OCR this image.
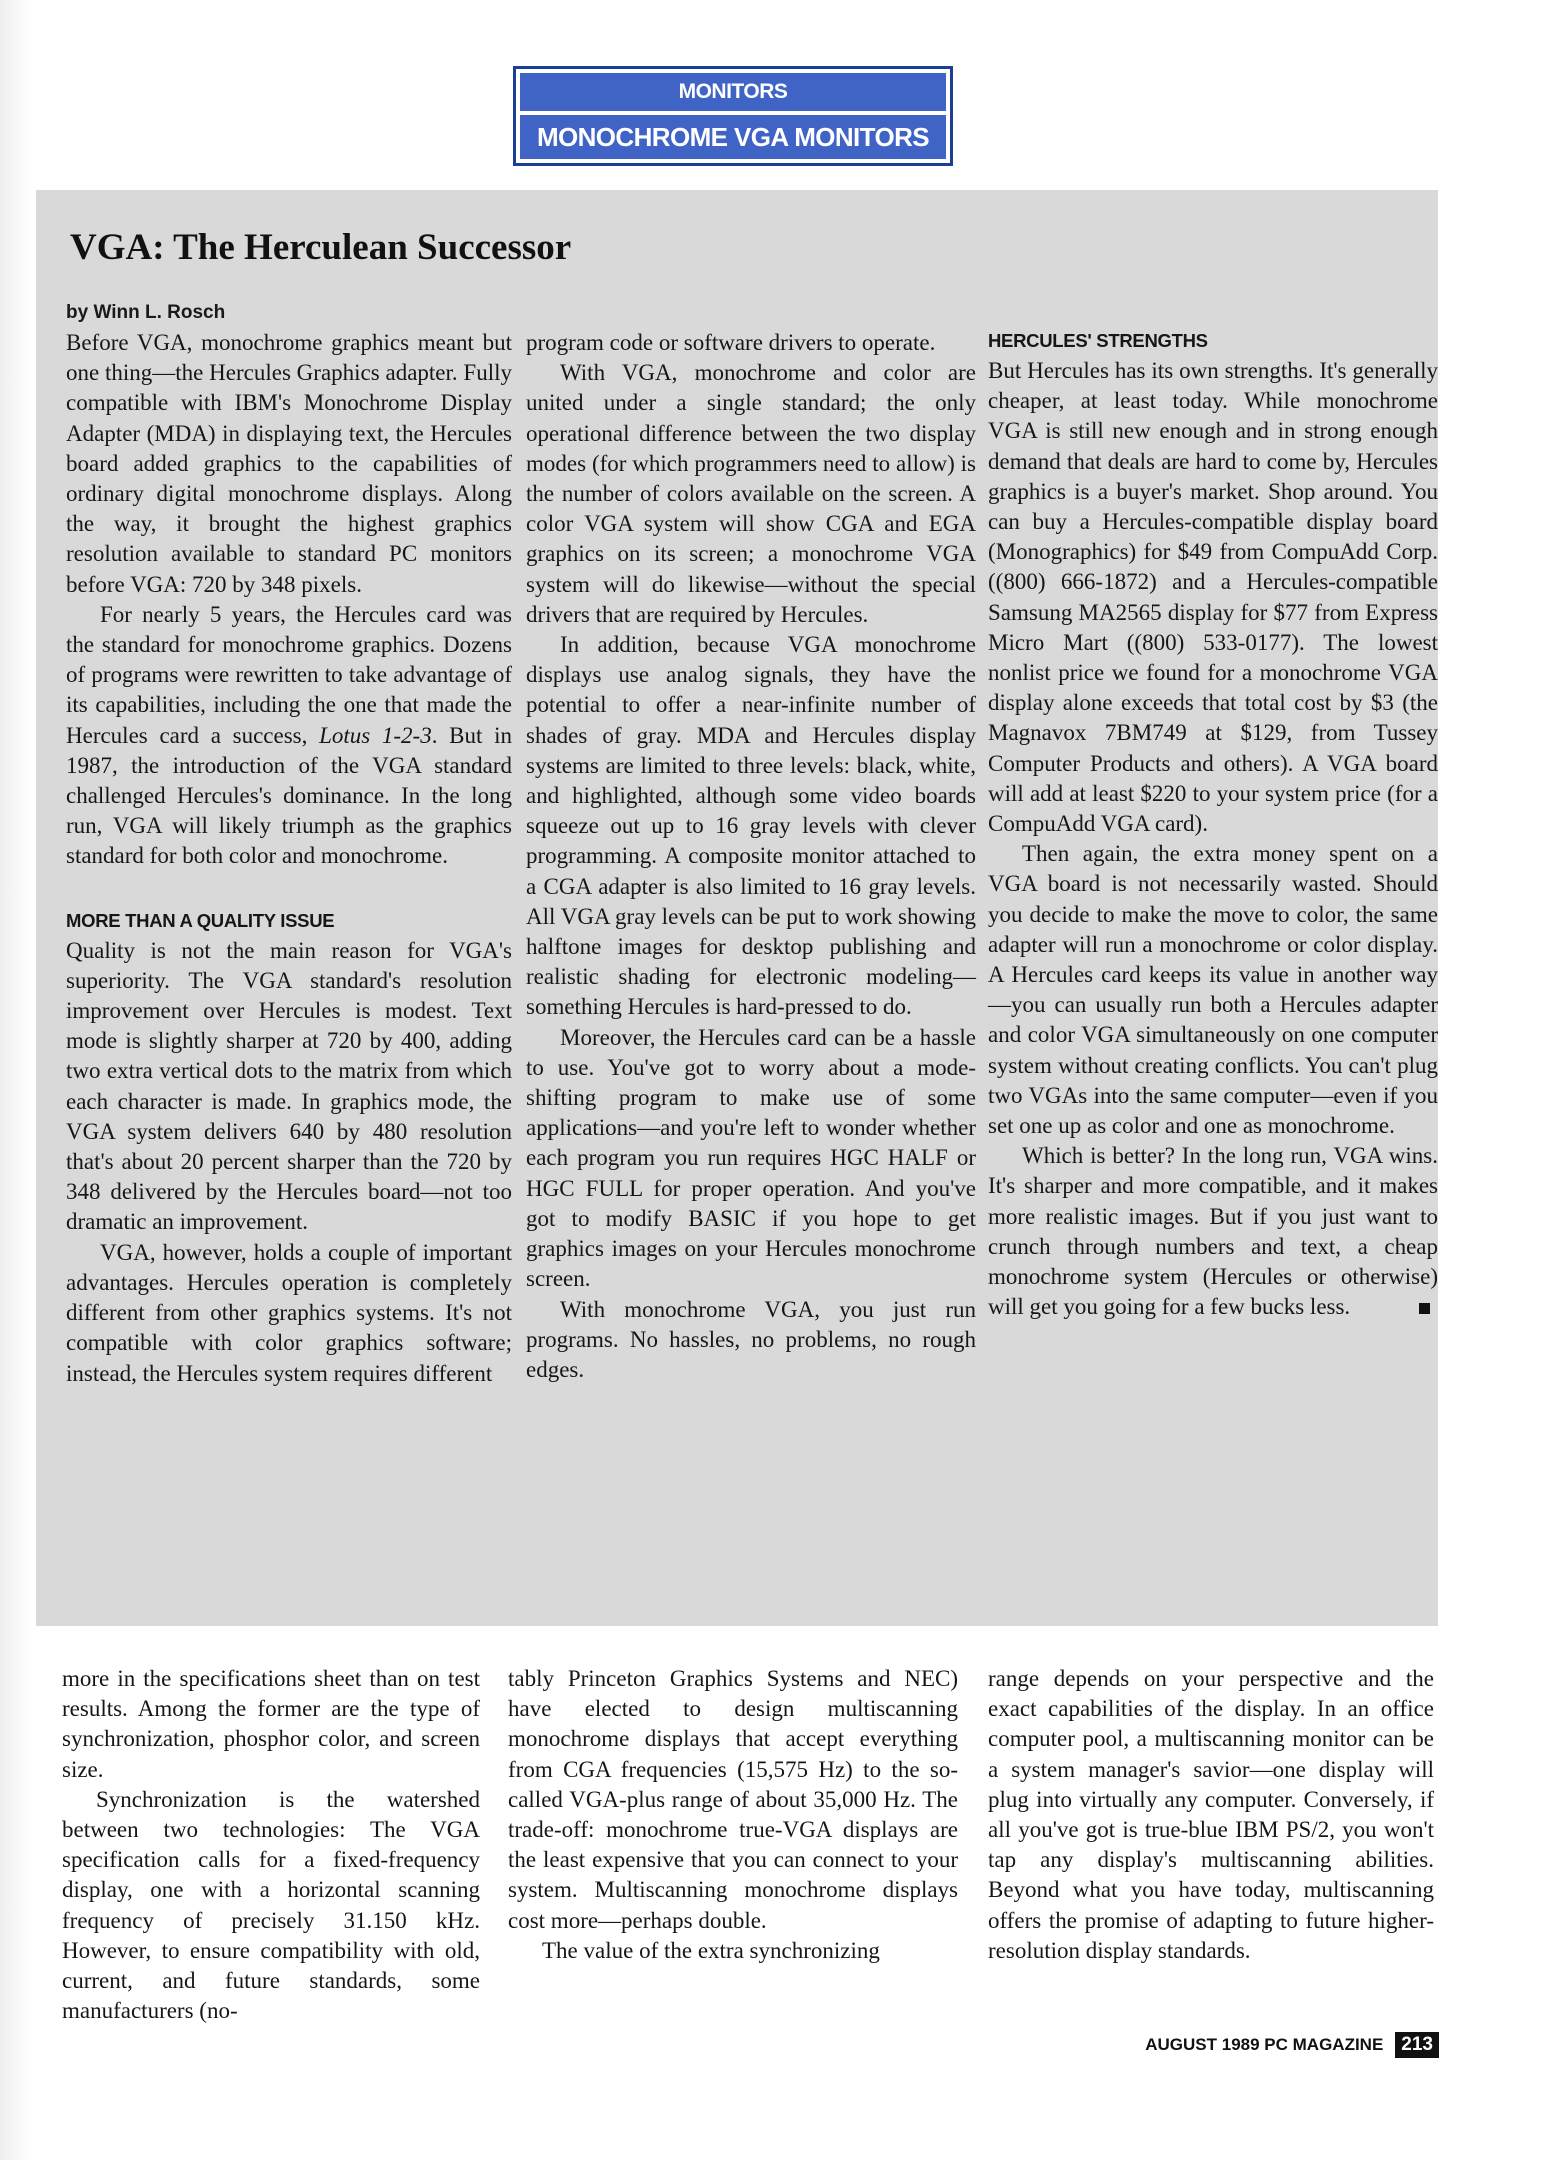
MONITORS
MONOCHROME VGA MONITORS
VGA: The Herculean Successor
by Winn L. Rosch

Before VGA, monochrome graphics meant but one thing—the Hercules Graphics adapter. Fully compatible with IBM's Monochrome Display Adapter (MDA) in displaying text, the Hercules board added graphics to the capabilities of ordinary digital monochrome displays. Along the way, it brought the highest graphics resolution available to standard PC monitors before VGA: 720 by 348 pixels.

For nearly 5 years, the Hercules card was the standard for monochrome graphics. Dozens of programs were rewritten to take advantage of its capabilities, including the one that made the Hercules card a success, Lotus 1-2-3. But in 1987, the introduction of the VGA standard challenged Hercules's dominance. In the long run, VGA will likely triumph as the graphics standard for both color and monochrome.

MORE THAN A QUALITY ISSUE

Quality is not the main reason for VGA's superiority. The VGA standard's resolution improvement over Hercules is modest. Text mode is slightly sharper at 720 by 400, adding two extra vertical dots to the matrix from which each character is made. In graphics mode, the VGA system delivers 640 by 480 resolution that's about 20 percent sharper than the 720 by 348 delivered by the Hercules board—not too dramatic an improvement.

VGA, however, holds a couple of important advantages. Hercules operation is completely different from other graphics systems. It's not compatible with color graphics software; instead, the Hercules system requires different

program code or software drivers to operate.

With VGA, monochrome and color are united under a single standard; the only operational difference between the two display modes (for which programmers need to allow) is the number of colors available on the screen. A color VGA system will show CGA and EGA graphics on its screen; a monochrome VGA system will do likewise—without the special drivers that are required by Hercules.

In addition, because VGA monochrome displays use analog signals, they have the potential to offer a near-infinite number of shades of gray. MDA and Hercules display systems are limited to three levels: black, white, and highlighted, although some video boards squeeze out up to 16 gray levels with clever programming. A composite monitor attached to a CGA adapter is also limited to 16 gray levels. All VGA gray levels can be put to work showing halftone images for desktop publishing and realistic shading for electronic modeling—something Hercules is hard-pressed to do.

Moreover, the Hercules card can be a hassle to use. You've got to worry about a mode-shifting program to make use of some applications—and you're left to wonder whether each program you run requires HGC HALF or HGC FULL for proper operation. And you've got to modify BASIC if you hope to get graphics images on your Hercules monochrome screen.

With monochrome VGA, you just run programs. No hassles, no problems, no rough edges.

HERCULES' STRENGTHS

But Hercules has its own strengths. It's generally cheaper, at least today. While monochrome VGA is still new enough and in strong enough demand that deals are hard to come by, Hercules graphics is a buyer's market. Shop around. You can buy a Hercules-compatible display board (Monographics) for $49 from CompuAdd Corp. ((800) 666-1872) and a Hercules-compatible Samsung MA2565 display for $77 from Express Micro Mart ((800) 533-0177). The lowest nonlist price we found for a monochrome VGA display alone exceeds that total cost by $3 (the Magnavox 7BM749 at $129, from Tussey Computer Products and others). A VGA board will add at least $220 to your system price (for a CompuAdd VGA card).

Then again, the extra money spent on a VGA board is not necessarily wasted. Should you decide to make the move to color, the same adapter will run a monochrome or color display. A Hercules card keeps its value in another way—you can usually run both a Hercules adapter and color VGA simultaneously on one computer system without creating conflicts. You can't plug two VGAs into the same computer—even if you set one up as color and one as monochrome.

Which is better? In the long run, VGA wins. It's sharper and more compatible, and it makes more realistic images. But if you just want to crunch through numbers and text, a cheap monochrome system (Hercules or otherwise) will get you going for a few bucks less.

more in the specifications sheet than on test results. Among the former are the type of synchronization, phosphor color, and screen size.

Synchronization is the watershed between two technologies: The VGA specification calls for a fixed-frequency display, one with a horizontal scanning frequency of precisely 31.150 kHz. However, to ensure compatibility with old, current, and future standards, some manufacturers (no-

tably Princeton Graphics Systems and NEC) have elected to design multiscanning monochrome displays that accept everything from CGA frequencies (15,575 Hz) to the so-called VGA-plus range of about 35,000 Hz. The trade-off: monochrome true-VGA displays are the least expensive that you can connect to your system. Multiscanning monochrome displays cost more—perhaps double.

The value of the extra synchronizing

range depends on your perspective and the exact capabilities of the display. In an office computer pool, a multiscanning monitor can be a system manager's savior—one display will plug into virtually any computer. Conversely, if all you've got is true-blue IBM PS/2, you won't tap any display's multiscanning abilities. Beyond what you have today, multiscanning offers the promise of adapting to future higher-resolution display standards.

AUGUST 1989 PC MAGAZINE 213
